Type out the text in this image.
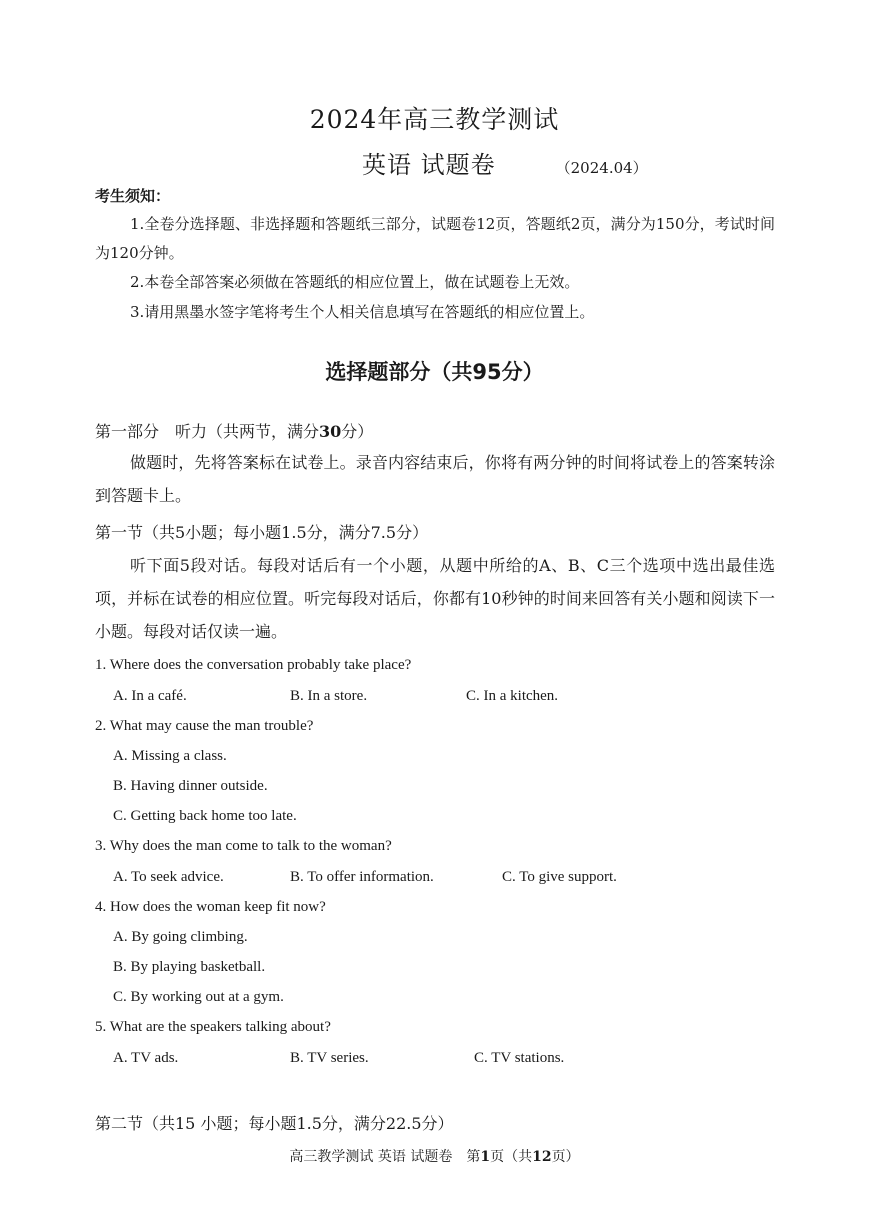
2024年高三教学测试
英语 试题卷	（2024.04）
考生须知：
1.全卷分选择题、非选择题和答题纸三部分，试题卷12页，答题纸2页，满分为150分，考试时间为120分钟。
2.本卷全部答案必须做在答题纸的相应位置上，做在试题卷上无效。
3.请用黑墨水签字笔将考生个人相关信息填写在答题纸的相应位置上。
选择题部分（共95分）
第一部分　听力（共两节，满分30分）
做题时，先将答案标在试卷上。录音内容结束后，你将有两分钟的时间将试卷上的答案转涂到答题卡上。
第一节（共5小题；每小题1.5分，满分7.5分）
听下面5段对话。每段对话后有一个小题，从题中所给的A、B、C三个选项中选出最佳选项，并标在试卷的相应位置。听完每段对话后，你都有10秒钟的时间来回答有关小题和阅读下一小题。每段对话仅读一遍。
1. Where does the conversation probably take place?
A. In a café.	B. In a store.	C. In a kitchen.
2. What may cause the man trouble?
A. Missing a class.
B. Having dinner outside.
C. Getting back home too late.
3. Why does the man come to talk to the woman?
A. To seek advice.	B. To offer information.	C. To give support.
4. How does the woman keep fit now?
A. By going climbing.
B. By playing basketball.
C. By working out at a gym.
5. What are the speakers talking about?
A. TV ads.	B. TV series.	C. TV stations.
第二节（共15 小题；每小题1.5分，满分22.5分）
高三教学测试 英语 试题卷　第1页（共12页）
